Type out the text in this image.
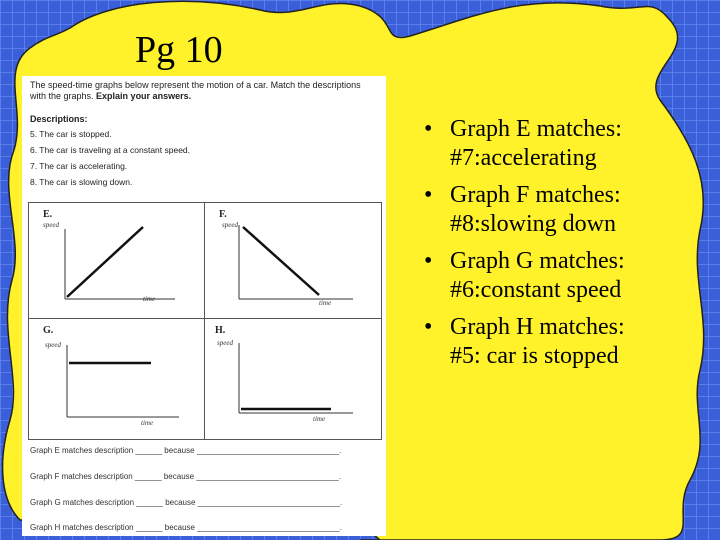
Pg 10
The speed-time graphs below represent the motion of a car. Match the descriptions
with the graphs. Explain your answers.
Descriptions:
5. The car is stopped.
6. The car is traveling at a constant speed.
7. The car is accelerating.
8. The car is slowing down.
E.
speed
time
F.
speed
time
G.
speed
time
H.
speed
time
Graph E matches description ______ because ________________________________.
Graph F matches description ______ because ________________________________.
Graph G matches description ______ because ________________________________.
Graph H matches description ______ because ________________________________.
• Graph E matches:
#7:accelerating
• Graph F matches:
#8:slowing down
• Graph G matches:
#6:constant speed
• Graph H matches:
#5: car is stopped
